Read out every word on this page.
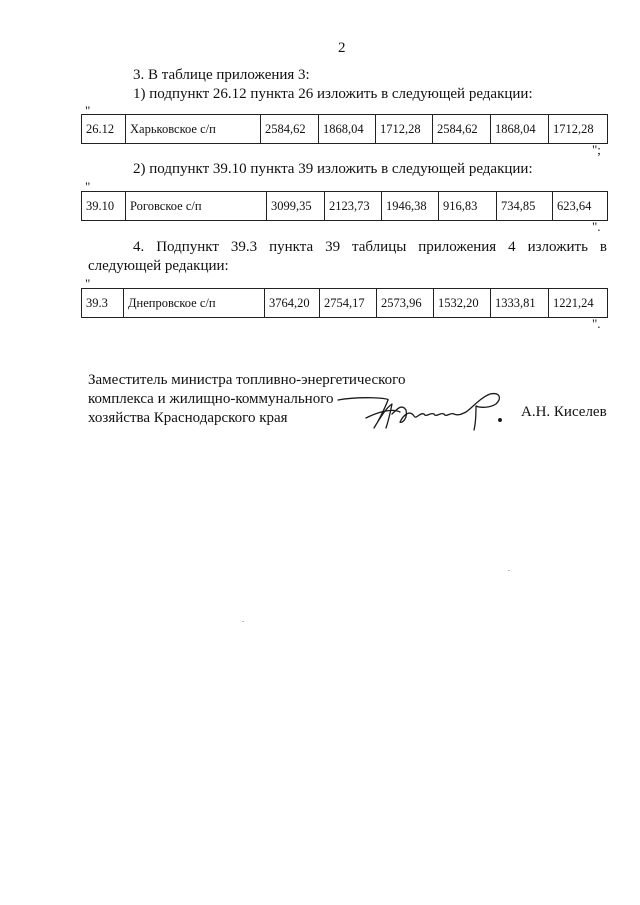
2
3. В таблице приложения 3:
1) подпункт 26.12 пункта 26 изложить в следующей редакции:
"
26.12	Харьковское с/п	2584,62	1868,04	1712,28	2584,62	1868,04	1712,28
";
2) подпункт 39.10 пункта 39 изложить в следующей редакции:
"
39.10	Роговское с/п	3099,35	2123,73	1946,38	916,83	734,85	623,64
".
4. Подпункт 39.3 пункта 39 таблицы приложения 4 изложить в
следующей редакции:
"
39.3	Днепровское с/п	3764,20	2754,17	2573,96	1532,20	1333,81	1221,24
".
Заместитель министра топливно-энергетического
комплекса и жилищно-коммунального
хозяйства Краснодарского края	А.Н. Киселев
